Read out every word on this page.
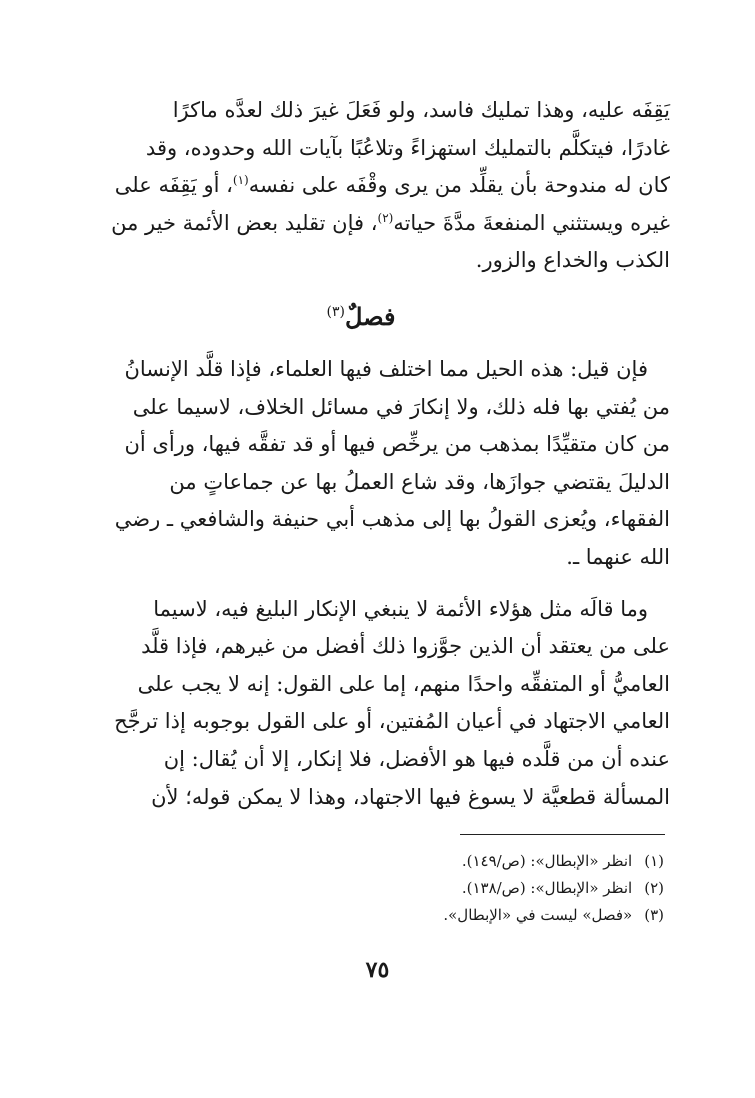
يَقِفَه عليه، وهذا تمليك فاسد، ولو فَعَلَ غيرَ ذلك لعدَّه ماكرًا

غادرًا، فيتكلَّم بالتمليك استهزاءً وتلاعُبًا بآيات الله وحدوده، وقد

كان له مندوحة بأن يقلِّد من يرى وقْفَه على نفسه$^{(١)}$، أو يَقِفَه على

غيره ويستثني المنفعةَ مدَّةَ حياته$^{(٢)}$، فإن تقليد بعض الأئمة خير من

الكذب والخداع والزور.

فصلٌ$^{(٣)}$

فإن قيل: هذه الحيل مما اختلف فيها العلماء، فإذا قلَّد الإنسانُ

من يُفتي بها فله ذلك، ولا إنكارَ في مسائل الخلاف، لاسيما على

من كان متقيِّدًا بمذهب من يرخِّص فيها أو قد تفقَّه فيها، ورأى أن

الدليلَ يقتضي جوازَها، وقد شاع العملُ بها عن جماعاتٍ من

الفقهاء، ويُعزى القولُ بها إلى مذهب أبي حنيفة والشافعي ـ رضي

الله عنهما ـ.

وما قالَه مثل هؤلاء الأئمة لا ينبغي الإنكار البليغ فيه، لاسيما

على من يعتقد أن الذين جوَّزوا ذلك أفضل من غيرهم، فإذا قلَّد

العاميُّ أو المتفقِّه واحدًا منهم، إما على القول: إنه لا يجب على

العامي الاجتهاد في أعيان المُفتين، أو على القول بوجوبه إذا ترجَّح

عنده أن من قلَّده فيها هو الأفضل، فلا إنكار، إلا أن يُقال: إن

المسألة قطعيَّة لا يسوغ فيها الاجتهاد، وهذا لا يمكن قوله؛ لأن

(١)انظر «الإبطال»: (ص/١٤٩).
(٢)انظر «الإبطال»: (ص/١٣٨).
(٣)«فصل» ليست في «الإبطال».
٧٥
